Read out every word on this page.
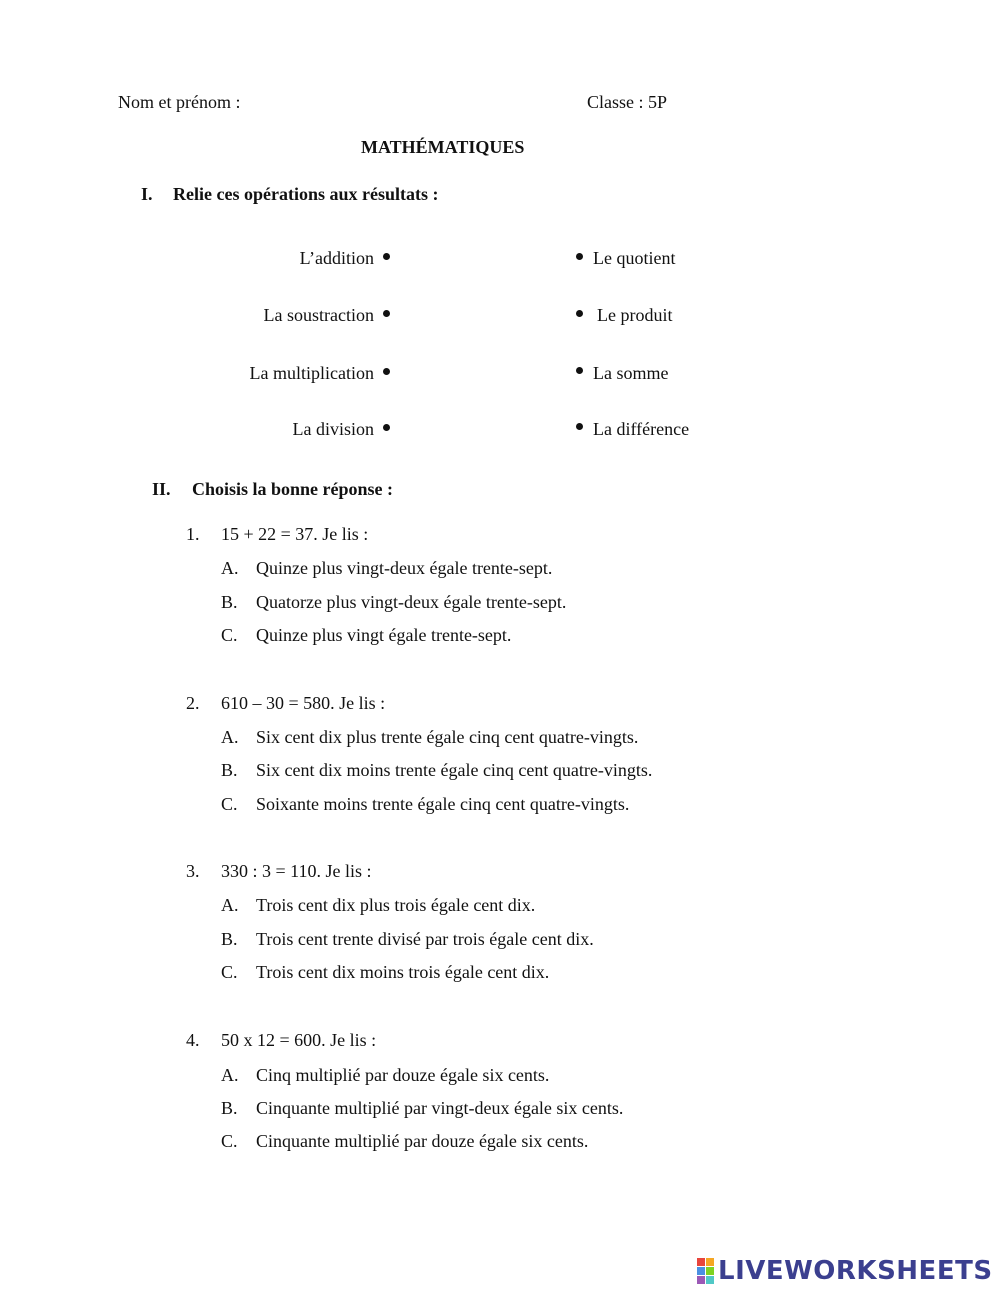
Nom et prénom :	Classe : 5P
MATHÉMATIQUES
I. Relie ces opérations aux résultats :
L’addition	Le quotient
La soustraction	Le produit
La multiplication	La somme
La division	La différence
II. Choisis la bonne réponse :
1. 15 + 22 = 37. Je lis :
A. Quinze plus vingt-deux égale trente-sept.
B. Quatorze plus vingt-deux égale trente-sept.
C. Quinze plus vingt égale trente-sept.
2. 610 – 30 = 580. Je lis :
A. Six cent dix plus trente égale cinq cent quatre-vingts.
B. Six cent dix moins trente égale cinq cent quatre-vingts.
C. Soixante moins trente égale cinq cent quatre-vingts.
3. 330 : 3 = 110. Je lis :
A. Trois cent dix plus trois égale cent dix.
B. Trois cent trente divisé par trois égale cent dix.
C. Trois cent dix moins trois égale cent dix.
4. 50 x 12 = 600. Je lis :
A. Cinq multiplié par douze égale six cents.
B. Cinquante multiplié par vingt-deux égale six cents.
C. Cinquante multiplié par douze égale six cents.
LIVEWORKSHEETS
